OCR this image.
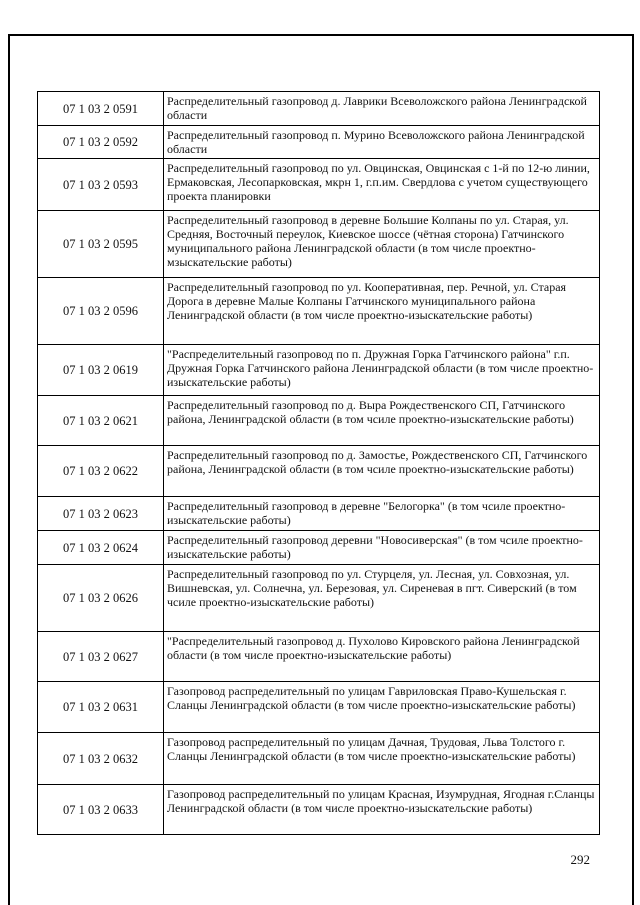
07 1 03 2 0591	Распределительный газопровод д. Лаврики Всеволожского района Ленинградской области
07 1 03 2 0592	Распределительный газопровод п. Мурино Всеволожского района Ленинградской области
07 1 03 2 0593	Распределительный газопровод по ул. Овцинская, Овцинская с 1-й по 12-ю линии, Ермаковская, Лесопарковская, мкрн 1, г.п.им. Свердлова с учетом существующего проекта планировки
07 1 03 2 0595	Распределительный газопровод в деревне Большие Колпаны по ул. Старая, ул. Средняя, Восточный переулок, Киевское шоссе (чётная сторона) Гатчинского муниципального района Ленинградской области (в том числе проектно-мзыскательские работы)
07 1 03 2 0596	Распределительный газопровод по ул. Кооперативная, пер. Речной, ул. Старая Дорога в деревне Малые Колпаны Гатчинского муниципального района Ленинградской области (в том числе проектно-изыскательские работы)
07 1 03 2 0619	"Распределительный газопровод по п. Дружная Горка Гатчинского района" г.п. Дружная Горка Гатчинского района Ленинградской области (в том числе проектно-изыскательские работы)
07 1 03 2 0621	Распределительный газопровод по д. Выра Рождественского СП, Гатчинского района, Ленинградской области (в том чсиле проектно-изыскательские работы)
07 1 03 2 0622	Распределительный газопровод по д. Замостье, Рождественского СП, Гатчинского района, Ленинградской области (в том чсиле проектно-изыскательские работы)
07 1 03 2 0623	Распределительный газопровод в деревне "Белогорка" (в том чсиле проектно-изыскательские работы)
07 1 03 2 0624	Распределительный газопровод деревни "Новосиверская" (в том чсиле проектно-изыскательские работы)
07 1 03 2 0626	Распределительный газопровод по ул. Стурцеля, ул. Лесная, ул. Совхозная, ул. Вишневская, ул. Солнечна, ул. Березовая, ул. Сиреневая в пгт. Сиверский (в том чсиле проектно-изыскательские работы)
07 1 03 2 0627	"Распределительный газопровод д. Пухолово Кировского района Ленинградской области (в том числе проектно-изыскательские работы)
07 1 03 2 0631	Газопровод распределительный по улицам Гавриловская Право-Кушельская г. Сланцы Ленинградской области (в том числе проектно-изыскательские работы)
07 1 03 2 0632	Газопровод распределительный по улицам Дачная, Трудовая, Льва Толстого г. Сланцы Ленинградской области (в том числе проектно-изыскательские работы)
07 1 03 2 0633	Газопровод распределительный по улицам Красная, Изумрудная, Ягодная г.Сланцы Ленинградской области (в том числе проектно-изыскательские работы)
292
